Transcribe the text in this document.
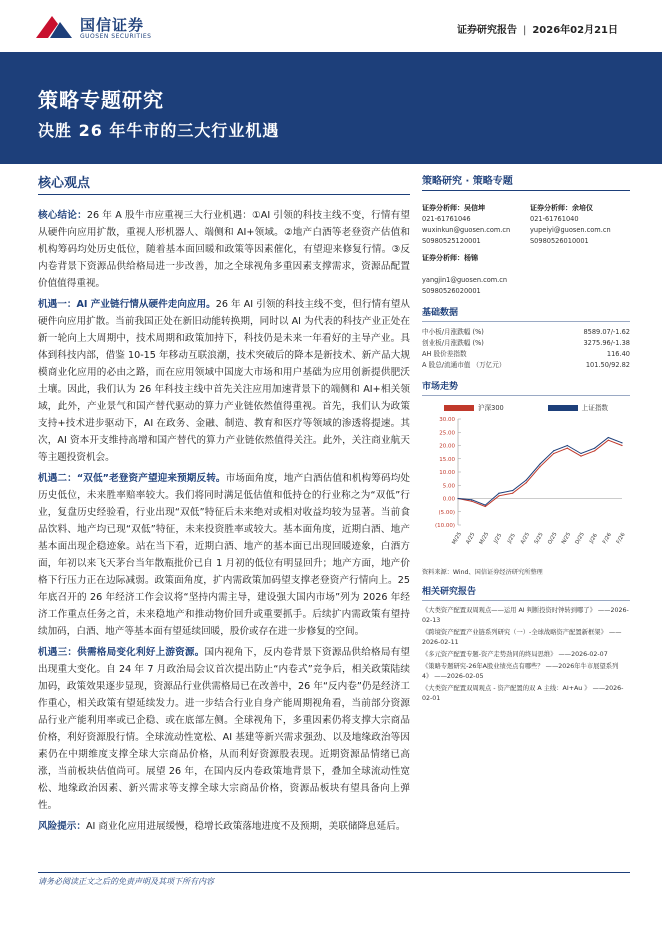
国信证券
GUOSEN SECURITIES
证券研究报告 | 2026年02月21日
策略专题研究
决胜 26 年牛市的三大行业机遇
核心观点

核心结论：26 年 A 股牛市应重视三大行业机遇：①AI 引领的科技主线不变，行情有望从硬件向应用扩散，重视人形机器人、端侧和 AI+领域。②地产白酒等老登资产估值和机构筹码均处历史低位，随着基本面回暖和政策等因素催化，有望迎来修复行情。③反内卷背景下资源品供给格局进一步改善，加之全球视角多重因素支撑需求，资源品配置价值值得重视。

机遇一：AI 产业链行情从硬件走向应用。26 年 AI 引领的科技主线不变，但行情有望从硬件向应用扩散。当前我国正处在新旧动能转换期，同时以 AI 为代表的科技产业正处在新一轮向上大周期中，技术周期和政策加持下，科技仍是未来一年看好的主导产业。具体到科技内部，借鉴 10-15 年移动互联浪潮，技术突破后的降本是新技术、新产品大规模商业化应用的必由之路，而在应用领域中国庞大市场和用户基础为应用创新提供肥沃土壤。因此，我们认为 26 年科技主线中首先关注应用加速背景下的端侧和 AI+相关领域，此外，产业景气和国产替代驱动的算力产业链依然值得重视。首先，我们认为政策支持+技术进步驱动下，AI 在政务、金融、制造、教育和医疗等领域的渗透将提速。其次，AI 资本开支维持高增和国产替代的算力产业链依然值得关注。此外，关注商业航天等主题投资机会。

机遇二：“双低”老登资产望迎来预期反转。市场面角度，地产白酒估值和机构筹码均处历史低位，未来胜率赔率较大。我们将同时满足低估值和低持仓的行业称之为“双低”行业，复盘历史经验看，行业出现“双低”特征后未来绝对或相对收益均较为显著。当前食品饮料、地产均已现“双低”特征，未来投资胜率或较大。基本面角度，近期白酒、地产基本面出现企稳迹象。站在当下看，近期白酒、地产的基本面已出现回暖迹象，白酒方面，年初以来飞天茅台当年散瓶批价已自 1 月初的低位有明显回升；地产方面，地产价格下行压力正在边际减弱。政策面角度，扩内需政策加码望支撑老登资产行情向上。25 年底召开的 26 年经济工作会议将“坚持内需主导，建设强大国内市场”列为 2026 年经济工作重点任务之首，未来稳地产和推动物价回升或重要抓手。后续扩内需政策有望持续加码，白酒、地产等基本面有望延续回暖，股价或存在进一步修复的空间。

机遇三：供需格局变化利好上游资源。国内视角下，反内卷背景下资源品供给格局有望出现重大变化。自 24 年 7 月政治局会议首次提出防止“内卷式”竞争后，相关政策陆续加码，政策效果逐步显现，资源品行业供需格局已在改善中，26 年“反内卷”仍是经济工作重心，相关政策有望延续发力。进一步结合行业自身产能周期视角看，当前部分资源品行业产能利用率或已企稳、或在底部左侧。全球视角下，多重因素仍将支撑大宗商品价格，利好资源股行情。全球流动性宽松、AI 基建等新兴需求强劲、以及地缘政治等因素仍在中期维度支撑全球大宗商品价格，从而利好资源股表现。近期资源品情绪已高涨，当前板块估值尚可。展望 26 年，在国内反内卷政策地背景下，叠加全球流动性宽松、地缘政治因素、新兴需求等支撑全球大宗商品价格，资源品板块有望具备向上弹性。

风险提示：AI 商业化应用进展缓慢，稳增长政策落地进度不及预期，美联储降息延后。

策略研究 · 策略专题
证券分析师：吴信坤
021-61761046
wuxinkun@guosen.com.cn
S0980525120001
证券分析师：余培仪
021-61761040
yupeiyi@guosen.com.cn
S0980526010001
证券分析师：杨锦
yangjin1@guosen.com.cn
S0980526020001
基础数据
中小板/月涨跌幅 (%)	8589.07/-1.62
创业板/月涨跌幅 (%)	3275.96/-1.38
AH 股价差指数	116.40
A 股总/流通市值 （万亿元）	101.50/92.82
市场走势
沪深300	上证指数
(10.00)
(5.00)
0.00
5.00
10.00
15.00
20.00
25.00
30.00
M/25 A/25 M/25 J/25 J/25 A/25 S/25 O/25 N/25 D/25 J/26 F/26 F/26
资料来源：Wind、国信证券经济研究所整理
相关研究报告
《大类资产配置双周观点——运用 AI 判断投资时钟转到哪了》 ——2026-02-13
《跨境资产配置产业链系列研究（一）-全球战略资产配置新框架》 ——2026-02-11
《多元资产配置专题-资产走势劲同的终局思维》 ——2026-02-07
《策略专题研究-26年A股业绩亮点有哪些？ ——2026年牛市展望系列 4》 ——2026-02-05
《大类资产配置双周观点 - 资产配置的双 A 主线：AI+Au 》 ——2026-02-01
请务必阅读正文之后的免责声明及其项下所有内容
